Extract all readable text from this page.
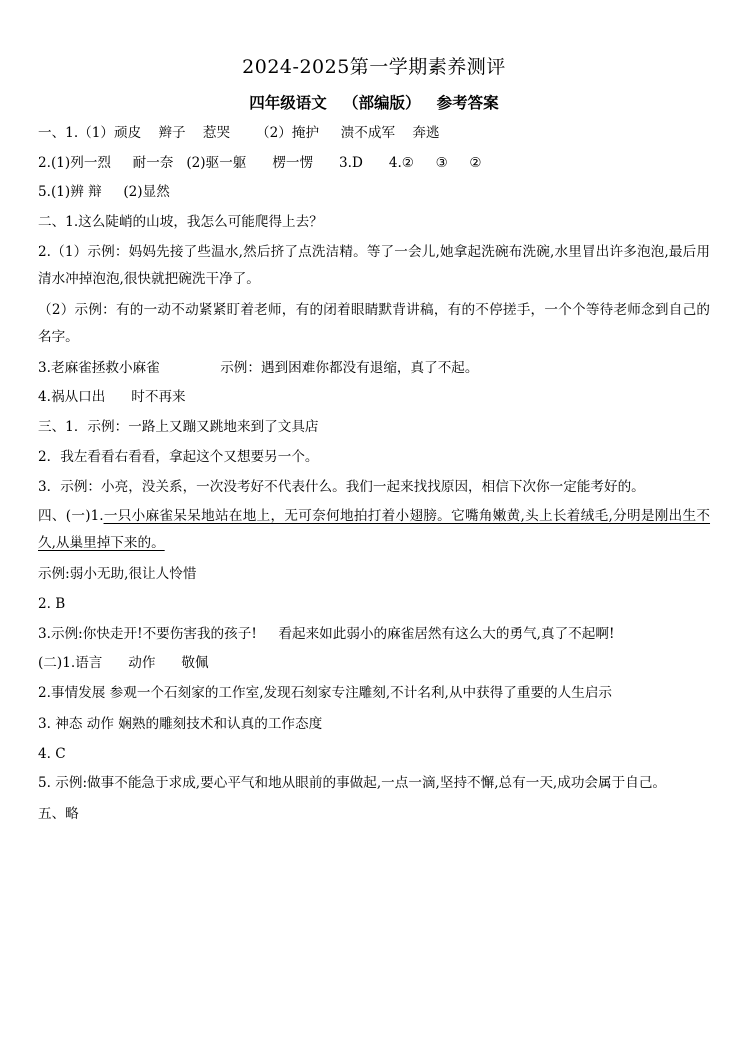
2024-2025第一学期素养测评
四年级语文   （部编版）   参考答案
一、1.（1）顽皮    辫子    惹哭      （2）掩护     溃不成军    奔逃
2.(1)列一烈     耐一奈   (2)驱一躯      楞一愣      3.D      4.②     ③     ②
5.(1)辨 辩     (2)显然
二、1.这么陡峭的山坡，我怎么可能爬得上去？
2.（1）示例：妈妈先接了些温水,然后挤了点洗洁精。等了一会儿,她拿起洗碗布洗碗,水里冒出许多泡泡,最后用清水冲掉泡泡,很快就把碗洗干净了。
（2）示例：有的一动不动紧紧盯着老师，有的闭着眼睛默背讲稿，有的不停搓手，一个个等待老师念到自己的名字。
3.老麻雀拯救小麻雀              示例：遇到困难你都没有退缩，真了不起。
4.祸从口出      时不再来
三、1．示例：一路上又蹦又跳地来到了文具店
2．我左看看右看看，拿起这个又想要另一个。
3．示例：小亮，没关系，一次没考好不代表什么。我们一起来找找原因，相信下次你一定能考好的。
四、(一)1.一只小麻雀呆呆地站在地上，无可奈何地拍打着小翅膀。它嘴角嫩黄,头上长着绒毛,分明是刚出生不久,从巢里掉下来的。
示例:弱小无助,很让人怜惜
2. B
3.示例:你快走开!不要伤害我的孩子!     看起来如此弱小的麻雀居然有这么大的勇气,真了不起啊!
(二)1.语言      动作      敬佩
2.事情发展 参观一个石刻家的工作室,发现石刻家专注雕刻,不计名利,从中获得了重要的人生启示
3. 神态 动作 娴熟的雕刻技术和认真的工作态度
4. C
5. 示例:做事不能急于求成,要心平气和地从眼前的事做起,一点一滴,坚持不懈,总有一天,成功会属于自己。
五、略
